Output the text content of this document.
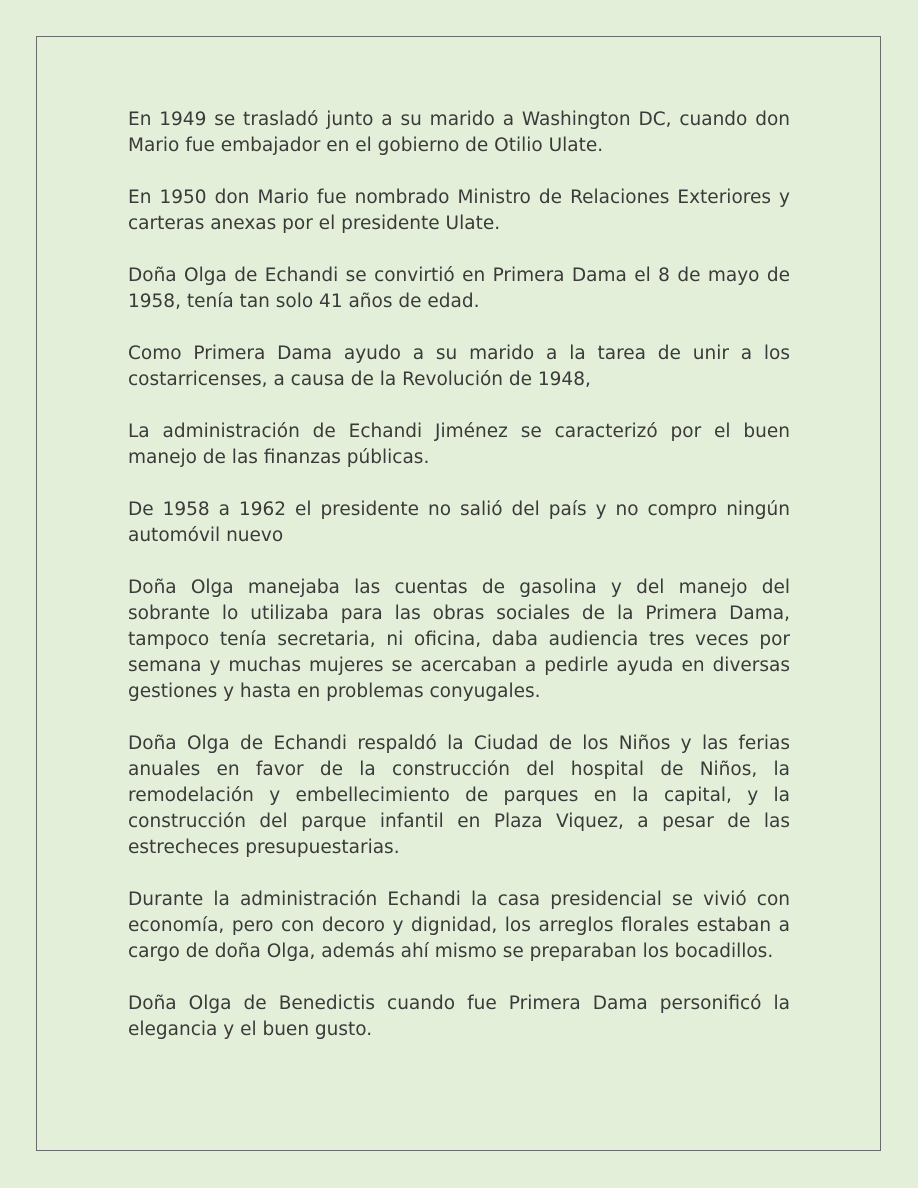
En 1949 se trasladó junto a su marido a Washington DC, cuando don Mario fue embajador en el gobierno de Otilio Ulate.

En 1950 don Mario fue nombrado Ministro de Relaciones Exteriores y carteras anexas por el presidente Ulate.

Doña Olga de Echandi se convirtió en Primera Dama el 8 de mayo de 1958, tenía tan solo 41 años de edad.

Como Primera Dama ayudo a su marido a la tarea de unir a los costarricenses, a causa de la Revolución de 1948,

La administración de Echandi Jiménez se caracterizó por el buen manejo de las finanzas públicas.

De 1958 a 1962 el presidente no salió del país y no compro ningún automóvil nuevo

Doña Olga manejaba las cuentas de gasolina y del manejo del sobrante lo utilizaba para las obras sociales de la Primera Dama, tampoco tenía secretaria, ni oficina, daba audiencia tres veces por semana y muchas mujeres se acercaban a pedirle ayuda en diversas gestiones y hasta en problemas conyugales.

Doña Olga de Echandi respaldó la Ciudad de los Niños y las ferias anuales en favor de la construcción del hospital de Niños, la remodelación y embellecimiento de parques en la capital, y la construcción del parque infantil en Plaza Viquez, a pesar de las estrecheces presupuestarias.

Durante la administración Echandi la casa presidencial se vivió con economía, pero con decoro y dignidad, los arreglos florales estaban a cargo de doña Olga, además ahí mismo se preparaban los bocadillos.

Doña Olga de Benedictis cuando fue Primera Dama personificó la elegancia y el buen gusto.
